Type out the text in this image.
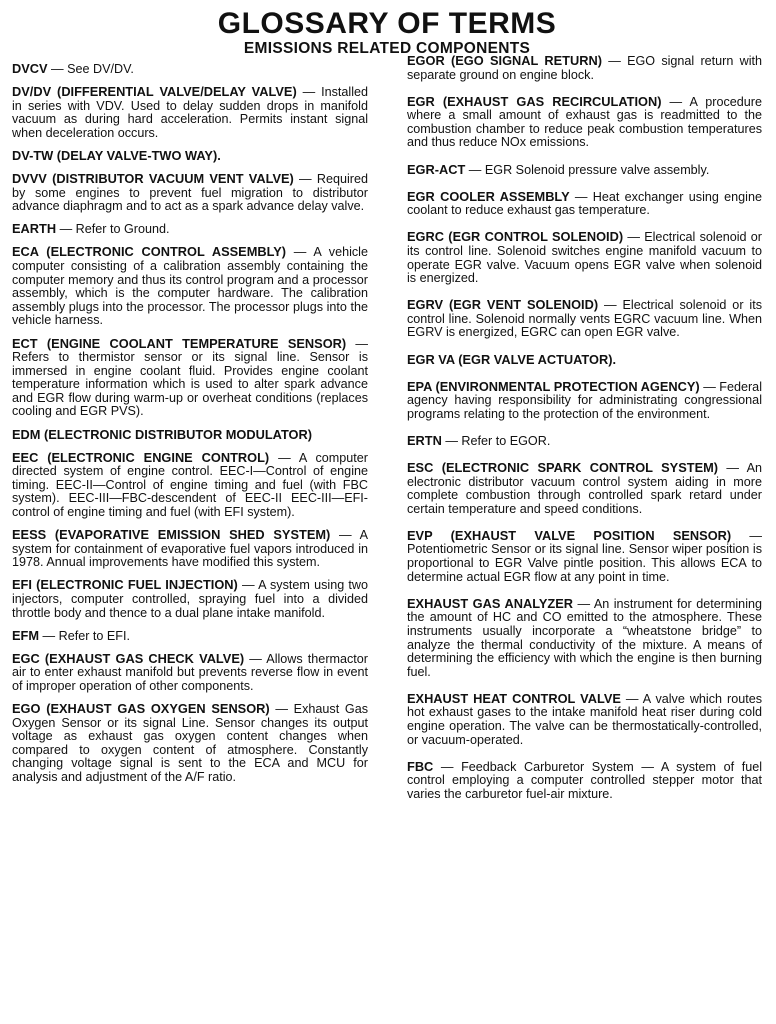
GLOSSARY OF TERMS
EMISSIONS RELATED COMPONENTS
DVCV — See DV/DV.
DV/DV (DIFFERENTIAL VALVE/DELAY VALVE) — Installed in series with VDV. Used to delay sudden drops in manifold vacuum as during hard acceleration. Permits instant signal when deceleration occurs.
DV-TW (DELAY VALVE-TWO WAY).
DVVV (DISTRIBUTOR VACUUM VENT VALVE) — Required by some engines to prevent fuel migration to distributor advance diaphragm and to act as a spark advance delay valve.
EARTH — Refer to Ground.
ECA (ELECTRONIC CONTROL ASSEMBLY) — A vehicle computer consisting of a calibration assembly containing the computer memory and thus its control program and a processor assembly, which is the computer hardware. The calibration assembly plugs into the processor. The processor plugs into the vehicle harness.
ECT (ENGINE COOLANT TEMPERATURE SENSOR) — Refers to thermistor sensor or its signal line. Sensor is immersed in engine coolant fluid. Provides engine coolant temperature information which is used to alter spark advance and EGR flow during warm-up or overheat conditions (replaces cooling and EGR PVS).
EDM (ELECTRONIC DISTRIBUTOR MODULATOR)
EEC (ELECTRONIC ENGINE CONTROL) — A computer directed system of engine control. EEC-I—Control of engine timing. EEC-II—Control of engine timing and fuel (with FBC system). EEC-III—FBC-descendent of EEC-II EEC-III—EFI-control of engine timing and fuel (with EFI system).
EESS (EVAPORATIVE EMISSION SHED SYSTEM) — A system for containment of evaporative fuel vapors introduced in 1978. Annual improvements have modified this system.
EFI (ELECTRONIC FUEL INJECTION) — A system using two injectors, computer controlled, spraying fuel into a divided throttle body and thence to a dual plane intake manifold.
EFM — Refer to EFI.
EGC (EXHAUST GAS CHECK VALVE) — Allows thermactor air to enter exhaust manifold but prevents reverse flow in event of improper operation of other components.
EGO (EXHAUST GAS OXYGEN SENSOR) — Exhaust Gas Oxygen Sensor or its signal Line. Sensor changes its output voltage as exhaust gas oxygen content changes when compared to oxygen content of atmosphere. Constantly changing voltage signal is sent to the ECA and MCU for analysis and adjustment of the A/F ratio.
EGOR (EGO SIGNAL RETURN) — EGO signal return with separate ground on engine block.
EGR (EXHAUST GAS RECIRCULATION) — A procedure where a small amount of exhaust gas is readmitted to the combustion chamber to reduce peak combustion temperatures and thus reduce NOx emissions.
EGR-ACT — EGR Solenoid pressure valve assembly.
EGR COOLER ASSEMBLY — Heat exchanger using engine coolant to reduce exhaust gas temperature.
EGRC (EGR CONTROL SOLENOID) — Electrical solenoid or its control line. Solenoid switches engine manifold vacuum to operate EGR valve. Vacuum opens EGR valve when solenoid is energized.
EGRV (EGR VENT SOLENOID) — Electrical solenoid or its control line. Solenoid normally vents EGRC vacuum line. When EGRV is energized, EGRC can open EGR valve.
EGR VA (EGR VALVE ACTUATOR).
EPA (ENVIRONMENTAL PROTECTION AGENCY) — Federal agency having responsibility for administrating congressional programs relating to the protection of the environment.
ERTN — Refer to EGOR.
ESC (ELECTRONIC SPARK CONTROL SYSTEM) — An electronic distributor vacuum control system aiding in more complete combustion through controlled spark retard under certain temperature and speed conditions.
EVP (EXHAUST VALVE POSITION SENSOR) — Potentiometric Sensor or its signal line. Sensor wiper position is proportional to EGR Valve pintle position. This allows ECA to determine actual EGR flow at any point in time.
EXHAUST GAS ANALYZER — An instrument for determining the amount of HC and CO emitted to the atmosphere. These instruments usually incorporate a “wheatstone bridge” to analyze the thermal conductivity of the mixture. A means of determining the efficiency with which the engine is then burning fuel.
EXHAUST HEAT CONTROL VALVE — A valve which routes hot exhaust gases to the intake manifold heat riser during cold engine operation. The valve can be thermostatically-controlled, or vacuum-operated.
FBC — Feedback Carburetor System — A system of fuel control employing a computer controlled stepper motor that varies the carburetor fuel-air mixture.
